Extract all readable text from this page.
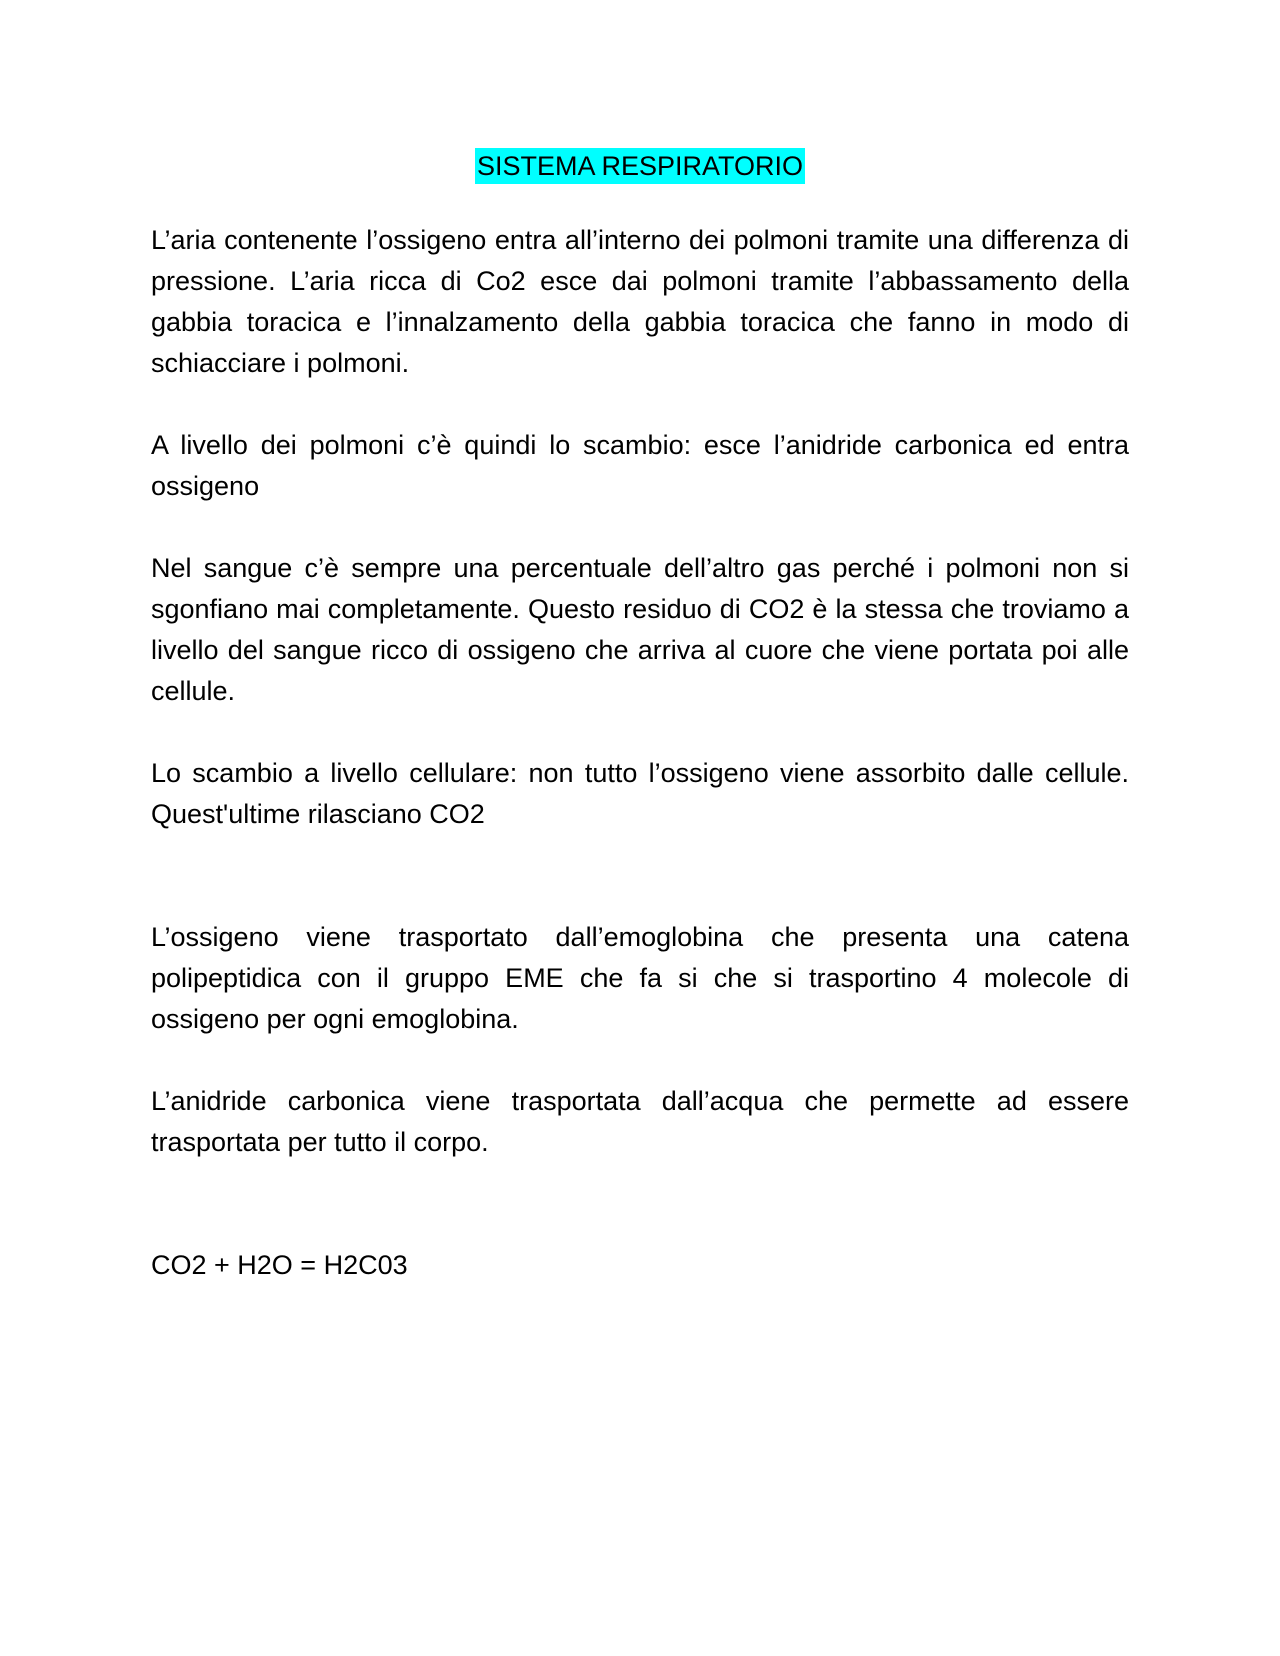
SISTEMA RESPIRATORIO

L’aria contenente l’ossigeno entra all’interno dei polmoni tramite una differenza di pressione. L’aria ricca di Co2 esce dai polmoni tramite l’abbassamento della gabbia toracica e l’innalzamento della gabbia toracica che fanno in modo di schiacciare i polmoni.

A livello dei polmoni c’è quindi lo scambio: esce l’anidride carbonica ed entra ossigeno

Nel sangue c’è sempre una percentuale dell’altro gas perché i polmoni non si sgonfiano mai completamente. Questo residuo di CO2 è la stessa che troviamo a livello del sangue ricco di ossigeno che arriva al cuore che viene portata poi alle cellule.

Lo scambio a livello cellulare: non tutto l’ossigeno viene assorbito dalle cellule. Quest'ultime rilasciano CO2

L’ossigeno viene trasportato dall’emoglobina che presenta una catena polipeptidica con il gruppo EME che fa si che si trasportino 4 molecole di ossigeno per ogni emoglobina.

L’anidride carbonica viene trasportata dall’acqua che permette ad essere trasportata per tutto il corpo.

CO2 + H2O = H2C03
